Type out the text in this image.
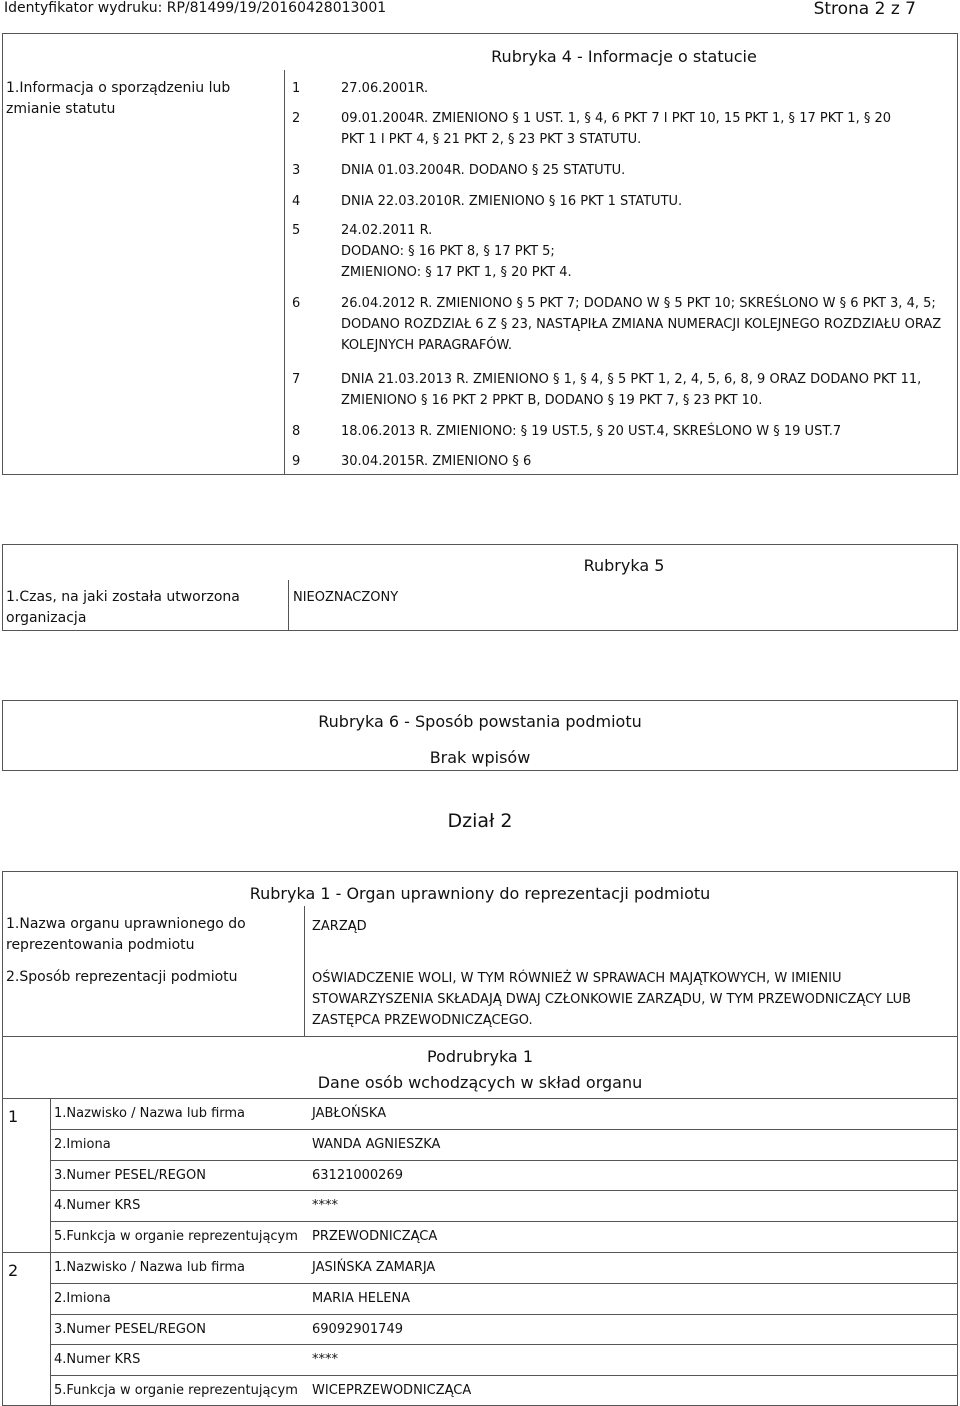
Identyfikator wydruku: RP/81499/19/20160428013001	Strona 2 z 7
Rubryka 4 - Informacje o statucie
1.Informacja o sporządzeniu lub zmianie statutu
1	27.06.2001R.
2	09.01.2004R. ZMIENIONO § 1 UST. 1, § 4, 6 PKT 7 I PKT 10, 15 PKT 1, § 17 PKT 1, § 20
PKT 1 I PKT 4, § 21 PKT 2, § 23 PKT 3 STATUTU.
3	DNIA 01.03.2004R. DODANO § 25 STATUTU.
4	DNIA 22.03.2010R. ZMIENIONO § 16 PKT 1 STATUTU.
5	24.02.2011 R.
DODANO: § 16 PKT 8, § 17 PKT 5;
ZMIENIONO: § 17 PKT 1, § 20 PKT 4.
6	26.04.2012 R. ZMIENIONO § 5 PKT 7; DODANO W § 5 PKT 10; SKREŚLONO W § 6 PKT 3, 4, 5;
DODANO ROZDZIAŁ 6 Z § 23, NASTĄPIŁA ZMIANA NUMERACJI KOLEJNEGO ROZDZIAŁU ORAZ
KOLEJNYCH PARAGRAFÓW.
7	DNIA 21.03.2013 R. ZMIENIONO § 1, § 4, § 5 PKT 1, 2, 4, 5, 6, 8, 9 ORAZ DODANO PKT 11,
ZMIENIONO § 16 PKT 2 PPKT B, DODANO § 19 PKT 7, § 23 PKT 10.
8	18.06.2013 R. ZMIENIONO: § 19 UST.5, § 20 UST.4, SKREŚLONO W § 19 UST.7
9	30.04.2015R. ZMIENIONO § 6
Rubryka 5
1.Czas, na jaki została utworzona organizacja
NIEOZNACZONY
Rubryka 6 - Sposób powstania podmiotu
Brak wpisów
Dział 2
Rubryka 1 - Organ uprawniony do reprezentacji podmiotu
1.Nazwa organu uprawnionego do reprezentowania podmiotu
ZARZĄD
2.Sposób reprezentacji podmiotu	OŚWIADCZENIE WOLI, W TYM RÓWNIEŻ W SPRAWACH MAJĄTKOWYCH, W IMIENIU
STOWARZYSZENIA SKŁADAJĄ DWAJ CZŁONKOWIE ZARZĄDU, W TYM PRZEWODNICZĄCY LUB
ZASTĘPCA PRZEWODNICZĄCEGO.
Podrubryka 1
Dane osób wchodzących w skład organu
1	1.Nazwisko / Nazwa lub firma	JABŁOŃSKA
2.Imiona	WANDA AGNIESZKA
3.Numer PESEL/REGON	63121000269
4.Numer KRS	****
5.Funkcja w organie reprezentującym PRZEWODNICZĄCA
2	1.Nazwisko / Nazwa lub firma	JASIŃSKA ZAMARJA
2.Imiona	MARIA HELENA
3.Numer PESEL/REGON	69092901749
4.Numer KRS	****
5.Funkcja w organie reprezentującym WICEPRZEWODNICZĄCA
